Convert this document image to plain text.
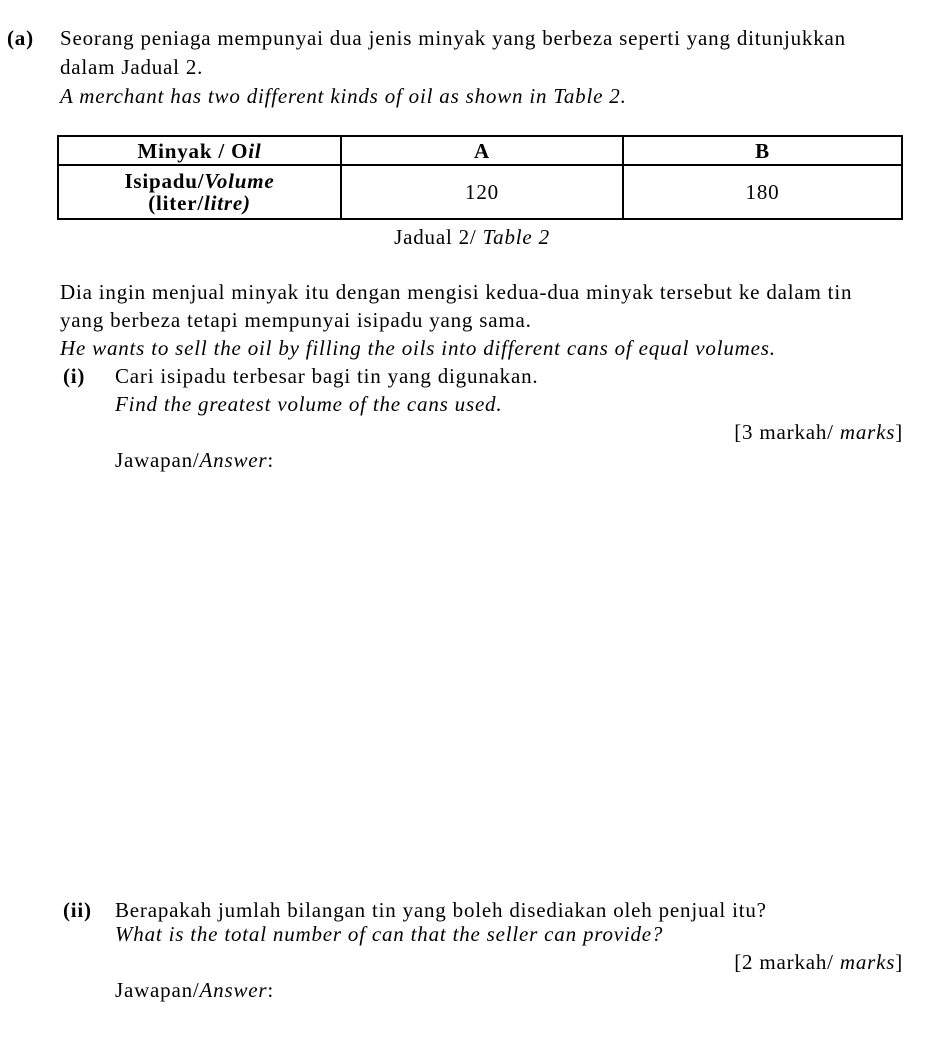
(a) Seorang peniaga mempunyai dua jenis minyak yang berbeza seperti yang ditunjukkan
dalam Jadual 2.
A merchant has two different kinds of oil as shown in Table 2.
Minyak / Oil	A	B
Isipadu/Volume
(liter/litre)	120	180
Jadual 2/ Table 2
Dia ingin menjual minyak itu dengan mengisi kedua-dua minyak tersebut ke dalam tin
yang berbeza tetapi mempunyai isipadu yang sama.
He wants to sell the oil by filling the oils into different cans of equal volumes.
(i) Cari isipadu terbesar bagi tin yang digunakan.
Find the greatest volume of the cans used.
[3 markah/ marks]
Jawapan/Answer:
(ii) Berapakah jumlah bilangan tin yang boleh disediakan oleh penjual itu?
What is the total number of can that the seller can provide?
[2 markah/ marks]
Jawapan/Answer:
